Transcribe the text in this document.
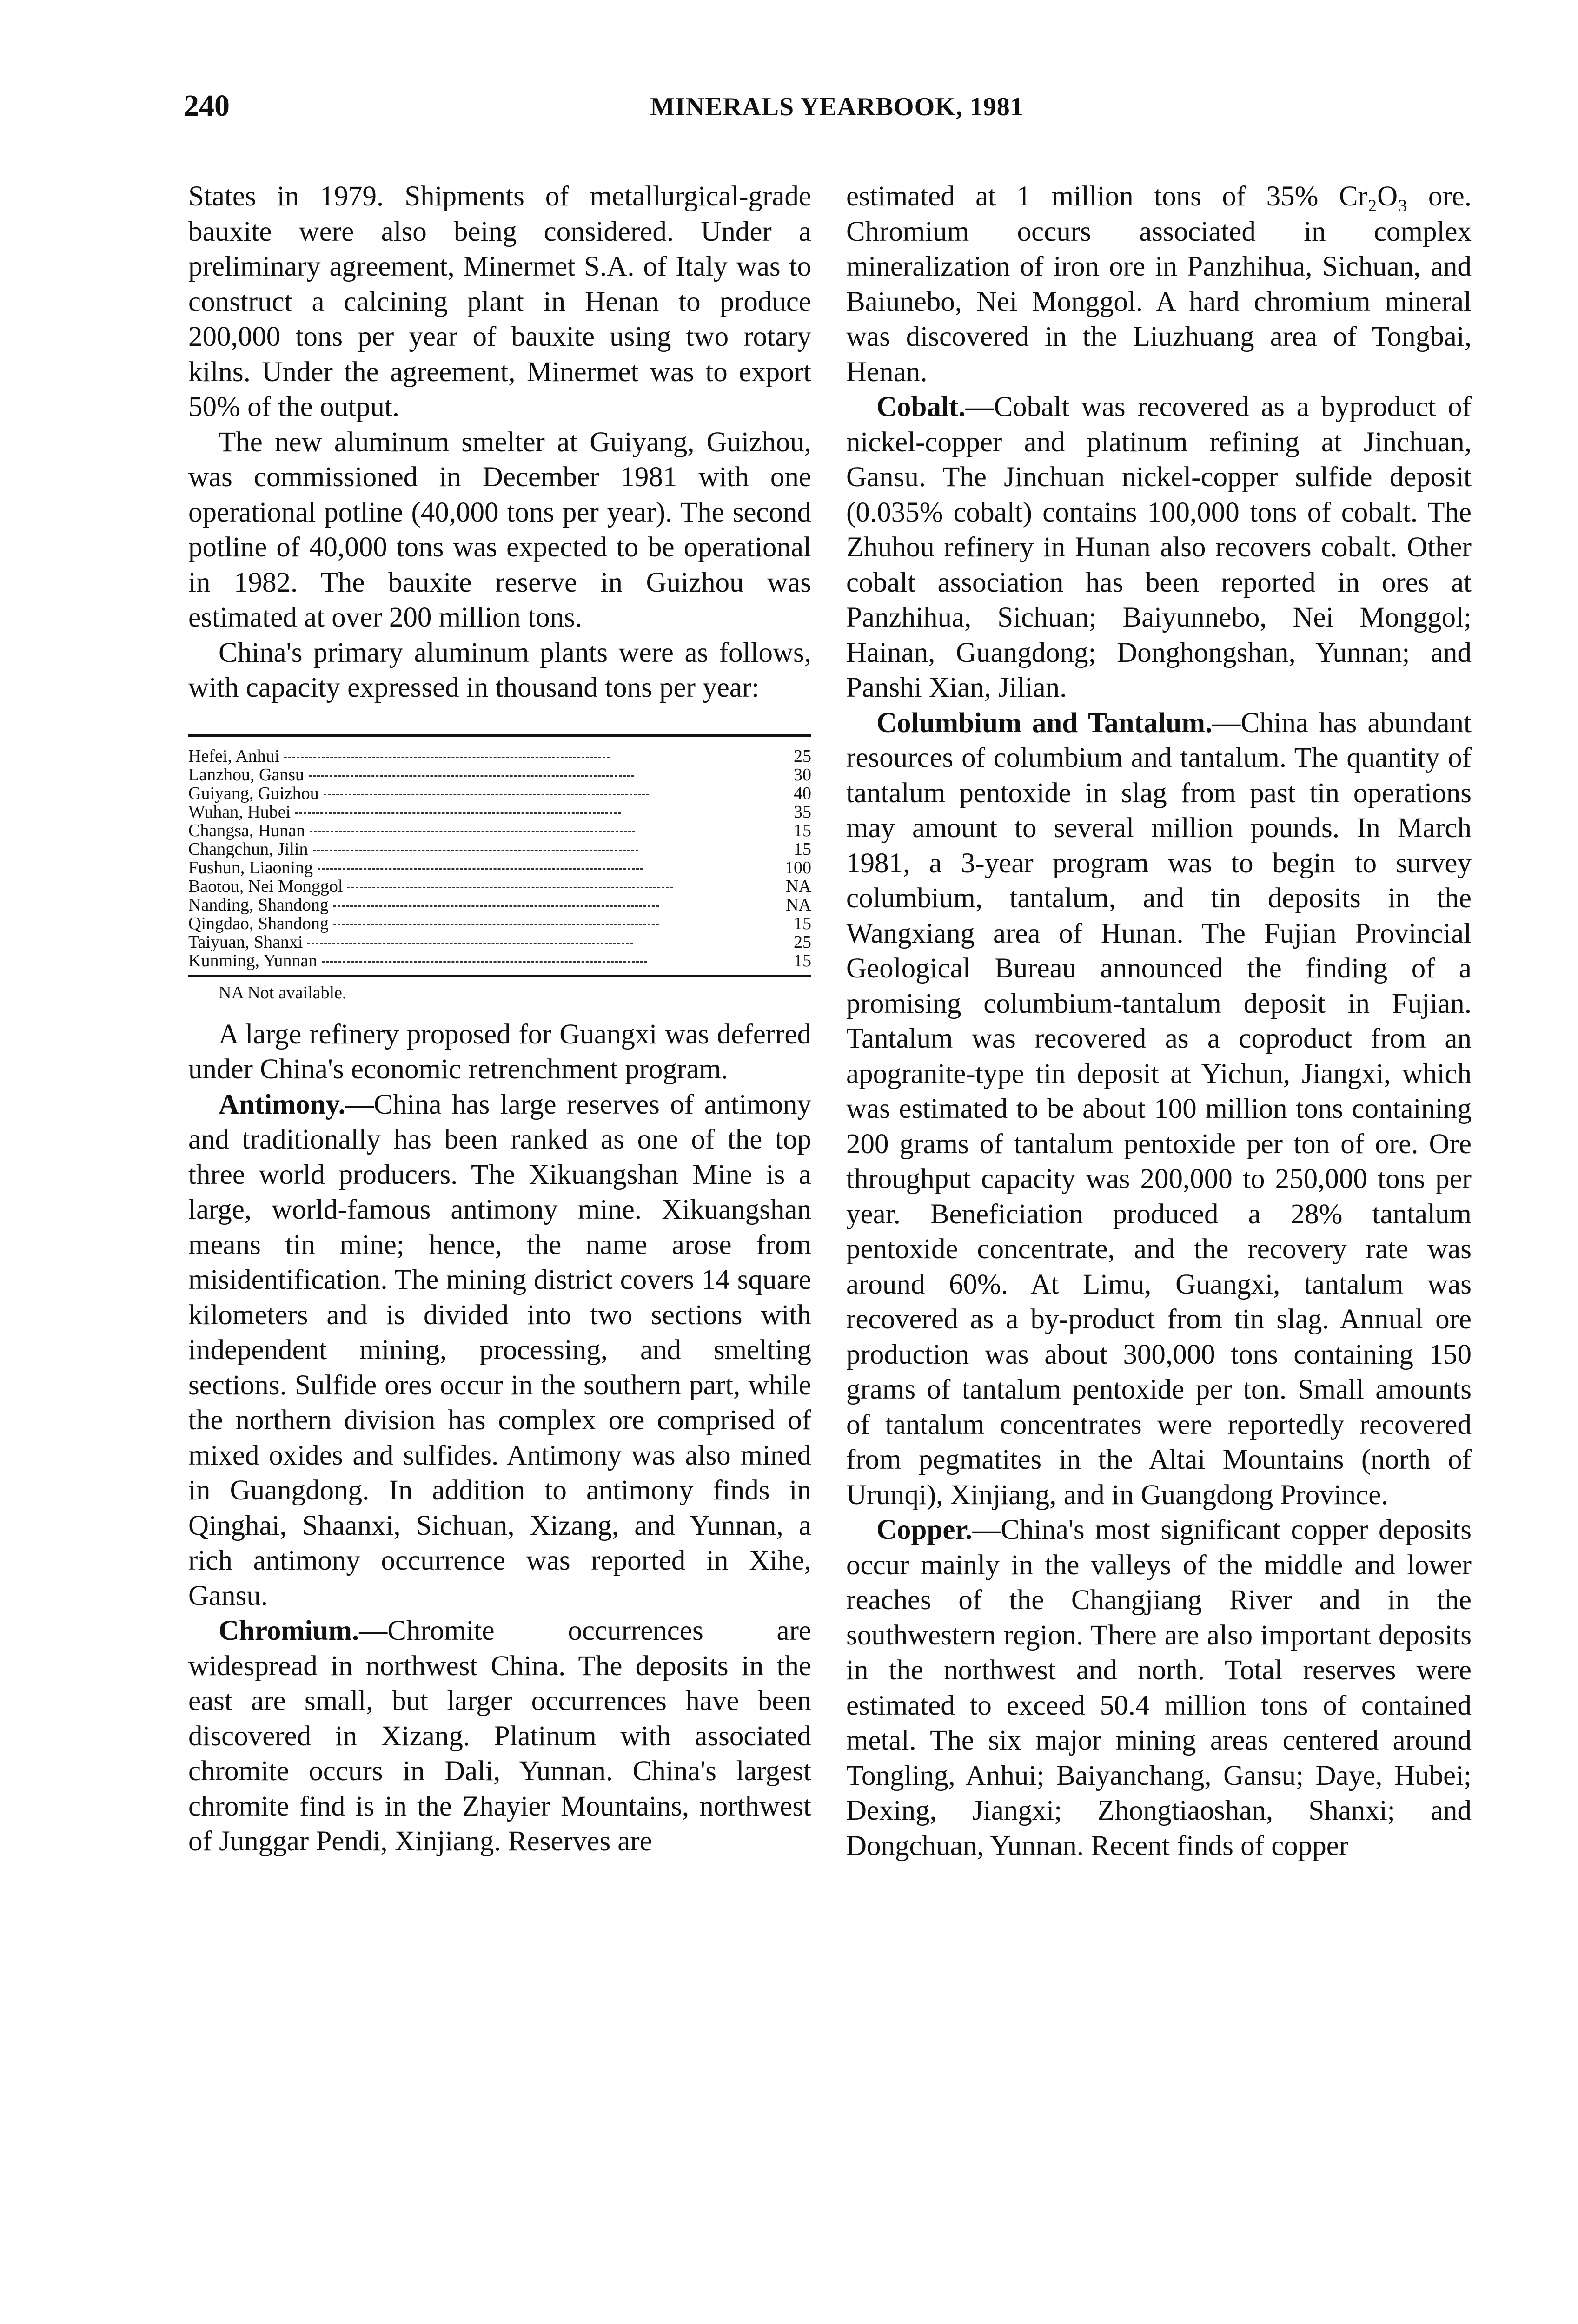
240	MINERALS YEARBOOK, 1981

States in 1979. Shipments of metallurgical-grade bauxite were also being considered. Under a preliminary agreement, Minermet S.A. of Italy was to construct a calcining plant in Henan to produce 200,000 tons per year of bauxite using two rotary kilns. Under the agreement, Minermet was to export 50% of the output.

The new aluminum smelter at Guiyang, Guizhou, was commissioned in December 1981 with one operational potline (40,000 tons per year). The second potline of 40,000 tons was expected to be operational in 1982. The bauxite reserve in Guizhou was estimated at over 200 million tons.

China's primary aluminum plants were as follows, with capacity expressed in thousand tons per year:

Hefei, Anhui	25
Lanzhou, Gansu	30
Guiyang, Guizhou	40
Wuhan, Hubei	35
Changsa, Hunan	15
Changchun, Jilin	15
Fushun, Liaoning	100
Baotou, Nei Monggol	NA
Nanding, Shandong	NA
Qingdao, Shandong	15
Taiyuan, Shanxi	25
Kunming, Yunnan	15
NA Not available.

A large refinery proposed for Guangxi was deferred under China's economic retrenchment program.

Antimony.—China has large reserves of antimony and traditionally has been ranked as one of the top three world producers. The Xikuangshan Mine is a large, world-famous antimony mine. Xikuangshan means tin mine; hence, the name arose from misidentification. The mining district covers 14 square kilometers and is divided into two sections with independent mining, processing, and smelting sections. Sulfide ores occur in the southern part, while the northern division has complex ore comprised of mixed oxides and sulfides. Antimony was also mined in Guangdong. In addition to antimony finds in Qinghai, Shaanxi, Sichuan, Xizang, and Yunnan, a rich antimony occurrence was reported in Xihe, Gansu.

Chromium.—Chromite occurrences are widespread in northwest China. The deposits in the east are small, but larger occurrences have been discovered in Xizang. Platinum with associated chromite occurs in Dali, Yunnan. China's largest chromite find is in the Zhayier Mountains, northwest of Junggar Pendi, Xinjiang. Reserves are

estimated at 1 million tons of 35% Cr₂O₃ ore. Chromium occurs associated in complex mineralization of iron ore in Panzhihua, Sichuan, and Baiunebo, Nei Monggol. A hard chromium mineral was discovered in the Liuzhuang area of Tongbai, Henan.

Cobalt.—Cobalt was recovered as a byproduct of nickel-copper and platinum refining at Jinchuan, Gansu. The Jinchuan nickel-copper sulfide deposit (0.035% cobalt) contains 100,000 tons of cobalt. The Zhuhou refinery in Hunan also recovers cobalt. Other cobalt association has been reported in ores at Panzhihua, Sichuan; Baiyunnebo, Nei Monggol; Hainan, Guangdong; Donghongshan, Yunnan; and Panshi Xian, Jilian.

Columbium and Tantalum.—China has abundant resources of columbium and tantalum. The quantity of tantalum pentoxide in slag from past tin operations may amount to several million pounds. In March 1981, a 3-year program was to begin to survey columbium, tantalum, and tin deposits in the Wangxiang area of Hunan. The Fujian Provincial Geological Bureau announced the finding of a promising columbium-tantalum deposit in Fujian. Tantalum was recovered as a coproduct from an apogranite-type tin deposit at Yichun, Jiangxi, which was estimated to be about 100 million tons containing 200 grams of tantalum pentoxide per ton of ore. Ore throughput capacity was 200,000 to 250,000 tons per year. Beneficiation produced a 28% tantalum pentoxide concentrate, and the recovery rate was around 60%. At Limu, Guangxi, tantalum was recovered as a by-product from tin slag. Annual ore production was about 300,000 tons containing 150 grams of tantalum pentoxide per ton. Small amounts of tantalum concentrates were reportedly recovered from pegmatites in the Altai Mountains (north of Urunqi), Xinjiang, and in Guangdong Province.

Copper.—China's most significant copper deposits occur mainly in the valleys of the middle and lower reaches of the Changjiang River and in the southwestern region. There are also important deposits in the northwest and north. Total reserves were estimated to exceed 50.4 million tons of contained metal. The six major mining areas centered around Tongling, Anhui; Baiyanchang, Gansu; Daye, Hubei; Dexing, Jiangxi; Zhongtiaoshan, Shanxi; and Dongchuan, Yunnan. Recent finds of copper
